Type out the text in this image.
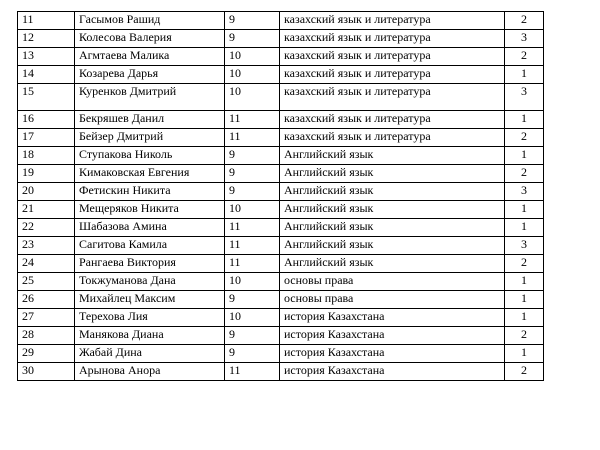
11	Гасымов Рашид	9	казахский язык и литература	2
12	Колесова Валерия	9	казахский язык и литература	3
13	Агмтаева Малика	10	казахский язык и литература	2
14	Козарева Дарья	10	казахский язык и литература	1
15	Куренков Дмитрий	10	казахский язык и литература	3
16	Бекряшев Данил	11	казахский язык и литература	1
17	Бейзер Дмитрий	11	казахский язык и литература	2
18	Ступакова Николь	9	Английский язык	1
19	Кимаковская Евгения	9	Английский язык	2
20	Фетискин Никита	9	Английский язык	3
21	Мещеряков Никита	10	Английский язык	1
22	Шабазова Амина	11	Английский язык	1
23	Сагитова Камила	11	Английский язык	3
24	Рангаева Виктория	11	Английский язык	2
25	Токжуманова Дана	10	основы права	1
26	Михайлец Максим	9	основы права	1
27	Терехова Лия	10	история Казахстана	1
28	Манякова Диана	9	история Казахстана	2
29	Жабай Дина	9	история Казахстана	1
30	Арынова Анора	11	история Казахстана	2
